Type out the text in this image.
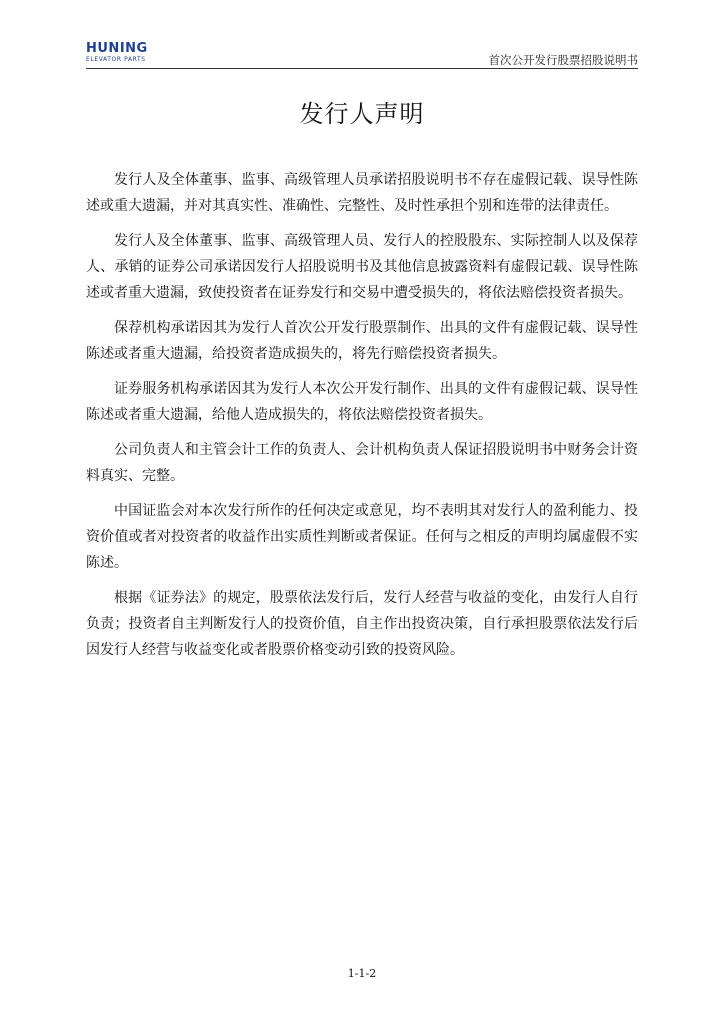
HUNING
ELEVATOR PARTS	首次公开发行股票招股说明书
发行人声明

发行人及全体董事、监事、高级管理人员承诺招股说明书不存在虚假记载、误导性陈述或重大遗漏，并对其真实性、准确性、完整性、及时性承担个别和连带的法律责任。

发行人及全体董事、监事、高级管理人员、发行人的控股股东、实际控制人以及保荐人、承销的证券公司承诺因发行人招股说明书及其他信息披露资料有虚假记载、误导性陈述或者重大遗漏，致使投资者在证券发行和交易中遭受损失的，将依法赔偿投资者损失。

保荐机构承诺因其为发行人首次公开发行股票制作、出具的文件有虚假记载、误导性陈述或者重大遗漏，给投资者造成损失的，将先行赔偿投资者损失。

证券服务机构承诺因其为发行人本次公开发行制作、出具的文件有虚假记载、误导性陈述或者重大遗漏，给他人造成损失的，将依法赔偿投资者损失。

公司负责人和主管会计工作的负责人、会计机构负责人保证招股说明书中财务会计资料真实、完整。

中国证监会对本次发行所作的任何决定或意见，均不表明其对发行人的盈利能力、投资价值或者对投资者的收益作出实质性判断或者保证。任何与之相反的声明均属虚假不实陈述。

根据《证券法》的规定，股票依法发行后，发行人经营与收益的变化，由发行人自行负责；投资者自主判断发行人的投资价值，自主作出投资决策，自行承担股票依法发行后因发行人经营与收益变化或者股票价格变动引致的投资风险。

1-1-2
